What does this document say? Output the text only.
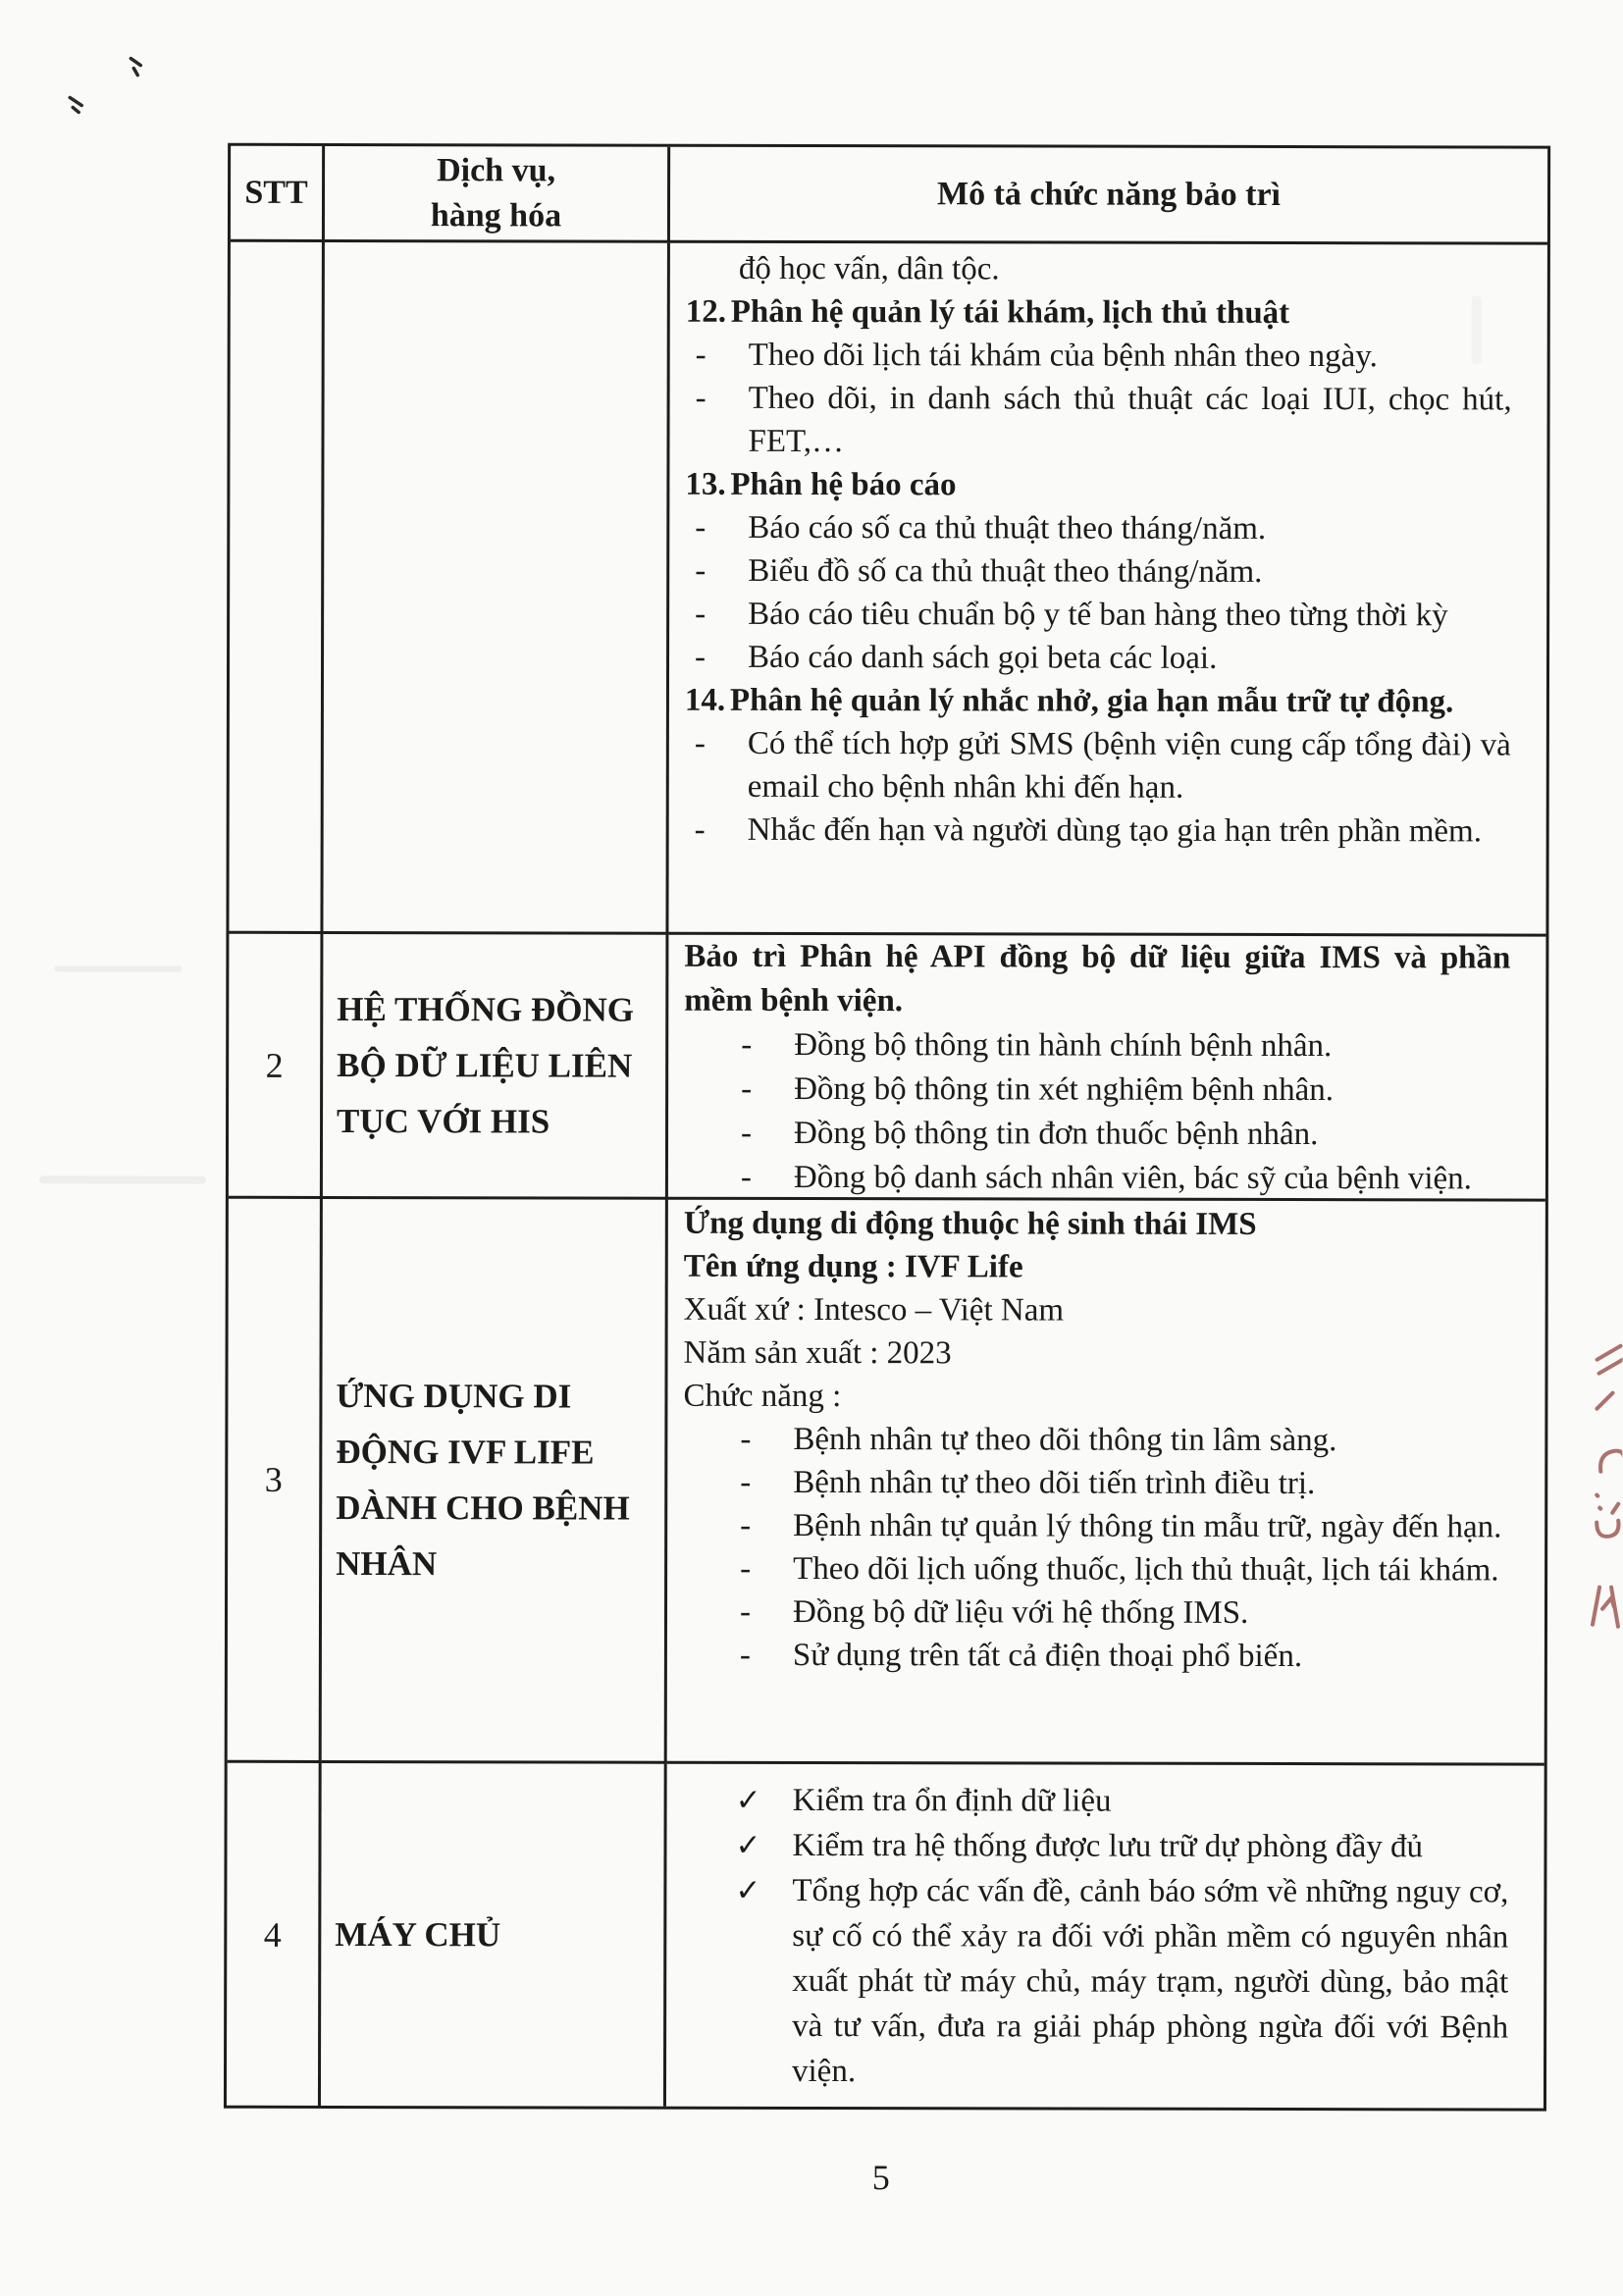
STT
Dịch vụ,
hàng hóa
Mô tả chức năng bảo trì
độ học vấn, dân tộc.
12. Phân hệ quản lý tái khám, lịch thủ thuật
- Theo dõi lịch tái khám của bệnh nhân theo ngày.
- Theo dõi, in danh sách thủ thuật các loại IUI, chọc hút, FET,…
13. Phân hệ báo cáo
- Báo cáo số ca thủ thuật theo tháng/năm.
- Biểu đồ số ca thủ thuật theo tháng/năm.
- Báo cáo tiêu chuẩn bộ y tế ban hàng theo từng thời kỳ
- Báo cáo danh sách gọi beta các loại.
14. Phân hệ quản lý nhắc nhở, gia hạn mẫu trữ tự động.
- Có thể tích hợp gửi SMS (bệnh viện cung cấp tổng đài) và email cho bệnh nhân khi đến hạn.
- Nhắc đến hạn và người dùng tạo gia hạn trên phần mềm.
2
HỆ THỐNG ĐỒNG
BỘ DỮ LIỆU LIÊN
TỤC VỚI HIS
Bảo trì Phân hệ API đồng bộ dữ liệu giữa IMS và phần mềm bệnh viện.
- Đồng bộ thông tin hành chính bệnh nhân.
- Đồng bộ thông tin xét nghiệm bệnh nhân.
- Đồng bộ thông tin đơn thuốc bệnh nhân.
- Đồng bộ danh sách nhân viên, bác sỹ của bệnh viện.
3
ỨNG DỤNG DI
ĐỘNG IVF LIFE
DÀNH CHO BỆNH
NHÂN
Ứng dụng di động thuộc hệ sinh thái IMS
Tên ứng dụng : IVF Life
Xuất xứ : Intesco – Việt Nam
Năm sản xuất : 2023
Chức năng :
- Bệnh nhân tự theo dõi thông tin lâm sàng.
- Bệnh nhân tự theo dõi tiến trình điều trị.
- Bệnh nhân tự quản lý thông tin mẫu trữ, ngày đến hạn.
- Theo dõi lịch uống thuốc, lịch thủ thuật, lịch tái khám.
- Đồng bộ dữ liệu với hệ thống IMS.
- Sử dụng trên tất cả điện thoại phổ biến.
4 MÁY CHỦ
✓ Kiểm tra ổn định dữ liệu
✓ Kiểm tra hệ thống được lưu trữ dự phòng đầy đủ
✓ Tổng hợp các vấn đề, cảnh báo sớm về những nguy cơ, sự cố có thể xảy ra đối với phần mềm có nguyên nhân xuất phát từ máy chủ, máy trạm, người dùng, bảo mật và tư vấn, đưa ra giải pháp phòng ngừa đối với Bệnh viện.
5
